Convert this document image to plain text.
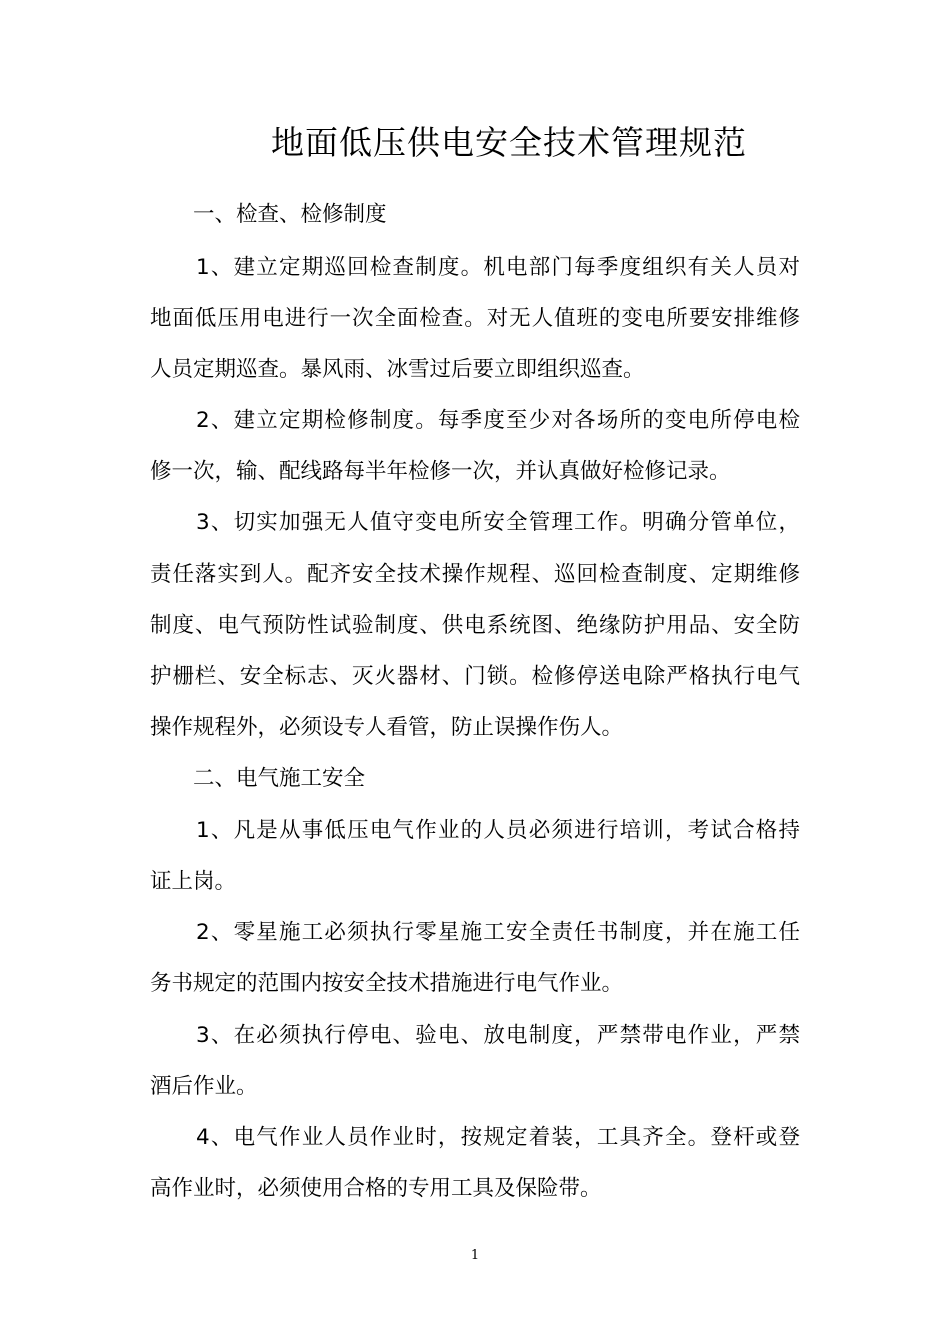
地面低压供电安全技术管理规范
一、检查、检修制度
1、建立定期巡回检查制度。机电部门每季度组织有关人员对
地面低压用电进行一次全面检查。对无人值班的变电所要安排维修
人员定期巡查。暴风雨、冰雪过后要立即组织巡查。
2、建立定期检修制度。每季度至少对各场所的变电所停电检
修一次，输、配线路每半年检修一次，并认真做好检修记录。
3、切实加强无人值守变电所安全管理工作。明确分管单位，
责任落实到人。配齐安全技术操作规程、巡回检查制度、定期维修
制度、电气预防性试验制度、供电系统图、绝缘防护用品、安全防
护栅栏、安全标志、灭火器材、门锁。检修停送电除严格执行电气
操作规程外，必须设专人看管，防止误操作伤人。
二、电气施工安全
1、凡是从事低压电气作业的人员必须进行培训，考试合格持
证上岗。
2、零星施工必须执行零星施工安全责任书制度，并在施工任
务书规定的范围内按安全技术措施进行电气作业。
3、在必须执行停电、验电、放电制度，严禁带电作业，严禁
酒后作业。
4、电气作业人员作业时，按规定着装，工具齐全。登杆或登
高作业时，必须使用合格的专用工具及保险带。
1
